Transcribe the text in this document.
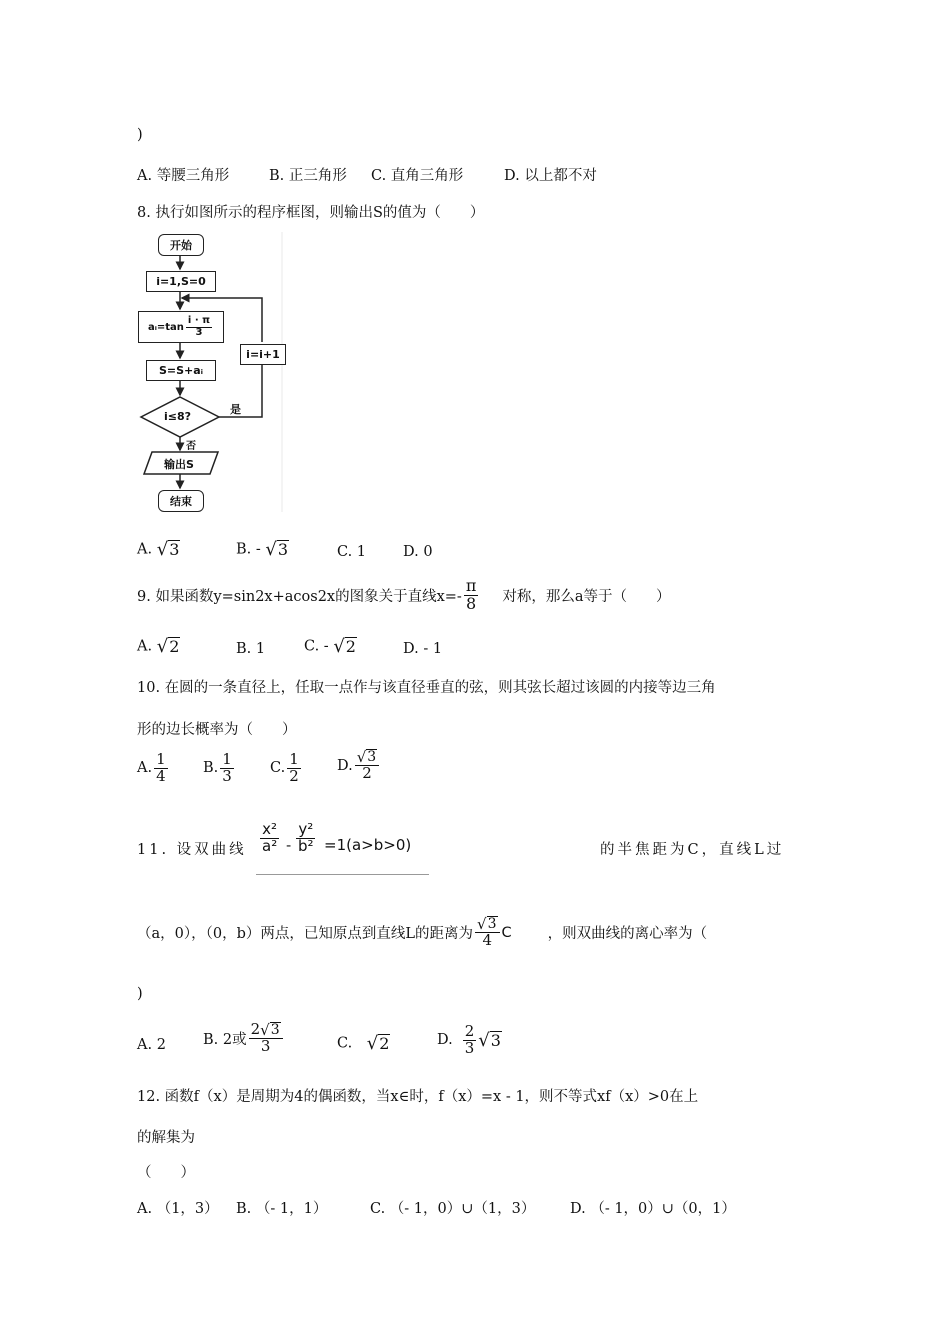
)
A. 等腰三角形	B. 正三角形 C. 直角三角形	D. 以上都不对
8. 执行如图所示的程序框图，则输出S的值为（　　）
开始
i=1,S=0
aᵢ=tan $\frac{i \cdot \pi}{3}$
S=S+aᵢ
i≤8?
是
否
i=i+1
输出S
结束
A. √ 3	B. - √ 3	C. 1	D. 0
9. 如果函数y=sin2x+acos2x的图象关于直线$x=- \frac{\pi}{8}$ 对称，那么a等于（　　）
A. √ 2	B. 1	C. - √ 2	D. - 1
10. 在圆的一条直径上，任取一点作与该直径垂直的弦，则其弦长超过该圆的内接等边三角
形的边长概率为（　　）
A. $\frac{1}{4} B$. $\frac{1}{3} C$. $\frac{1}{2}$	D. $\frac{√ 3}{2}$
11. 设双曲线 $\frac{\text{x²}}{\text{a²}} - \frac{\text{y²}}{\text{b²}} =1(a>b>0)$	的半焦距为C，直线L过
（a，0），（0，b）两点，已知原点到直线L的距离为 $\frac{√ 3}{4}$ C ，则双曲线的离心率为（
)
A. 2	B. 2或 $\frac{2 √ 3}{3}$	C. √ 2	D. $\frac{2}{3}$ √ 3
12. 函数f（x）是周期为4的偶函数，当x∈时，f（x）=x - 1，则不等式xf（x）>0在上
的解集为
（　　）
A. （1，3） B. （- 1，1）	C. （- 1，0）∪（1，3） D. （- 1，0）∪（0，1）
